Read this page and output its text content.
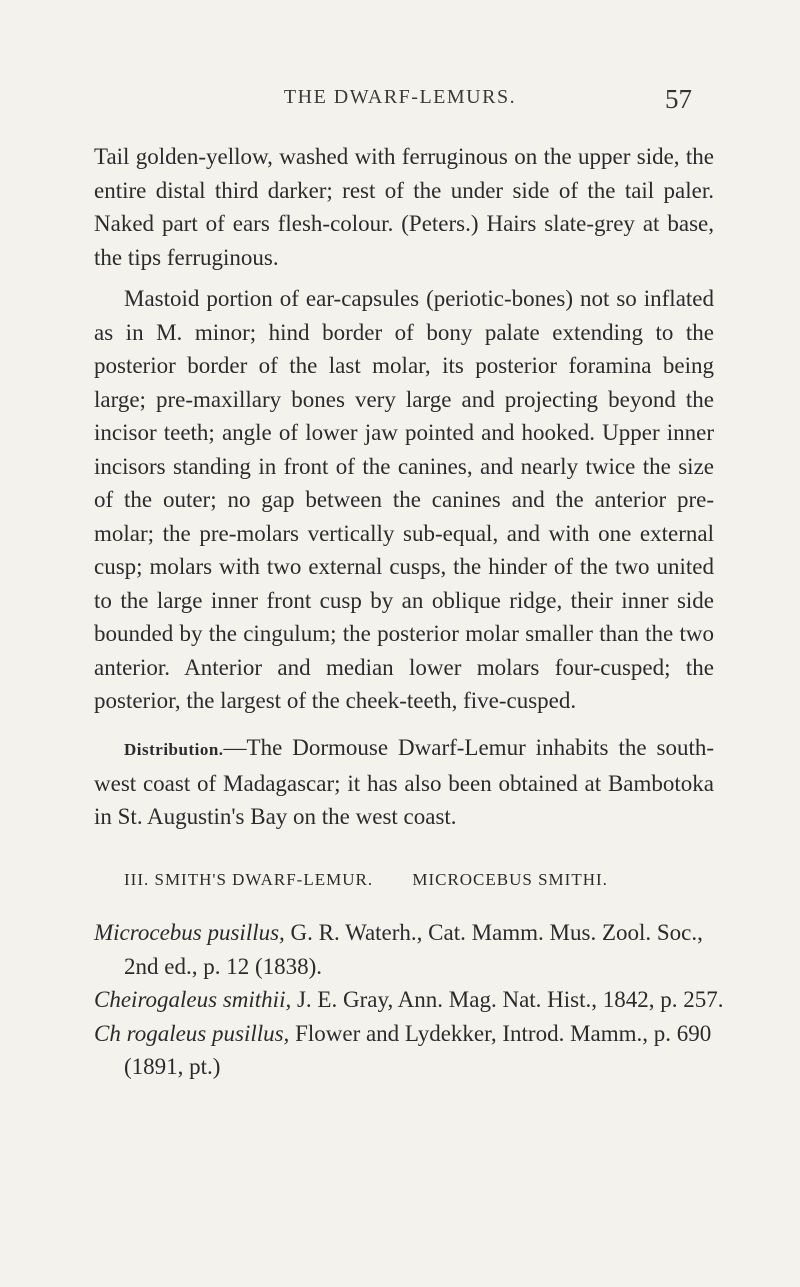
THE DWARF-LEMURS.	57

Tail golden-yellow, washed with ferruginous on the upper side, the entire distal third darker; rest of the under side of the tail paler. Naked part of ears flesh-colour. (Peters.) Hairs slate-grey at base, the tips ferruginous.

Mastoid portion of ear-capsules (periotic-bones) not so inflated as in M. minor; hind border of bony palate extending to the posterior border of the last molar, its posterior foramina being large; pre-maxillary bones very large and projecting beyond the incisor teeth; angle of lower jaw pointed and hooked. Upper inner incisors standing in front of the canines, and nearly twice the size of the outer; no gap between the canines and the anterior pre-molar; the pre-molars vertically sub-equal, and with one external cusp; molars with two external cusps, the hinder of the two united to the large inner front cusp by an oblique ridge, their inner side bounded by the cingulum; the posterior molar smaller than the two anterior. Anterior and median lower molars four-cusped; the posterior, the largest of the cheek-teeth, five-cusped.

Distribution.—The Dormouse Dwarf-Lemur inhabits the south-west coast of Madagascar; it has also been obtained at Bambotoka in St. Augustin's Bay on the west coast.

III. SMITH'S DWARF-LEMUR. MICROCEBUS SMITHI.

Microcebus pusillus, G. R. Waterh., Cat. Mamm. Mus. Zool. Soc., 2nd ed., p. 12 (1838).

Cheirogaleus smithii, J. E. Gray, Ann. Mag. Nat. Hist., 1842, p. 257.

Ch rogaleus pusillus, Flower and Lydekker, Introd. Mamm., p. 690 (1891, pt.)
